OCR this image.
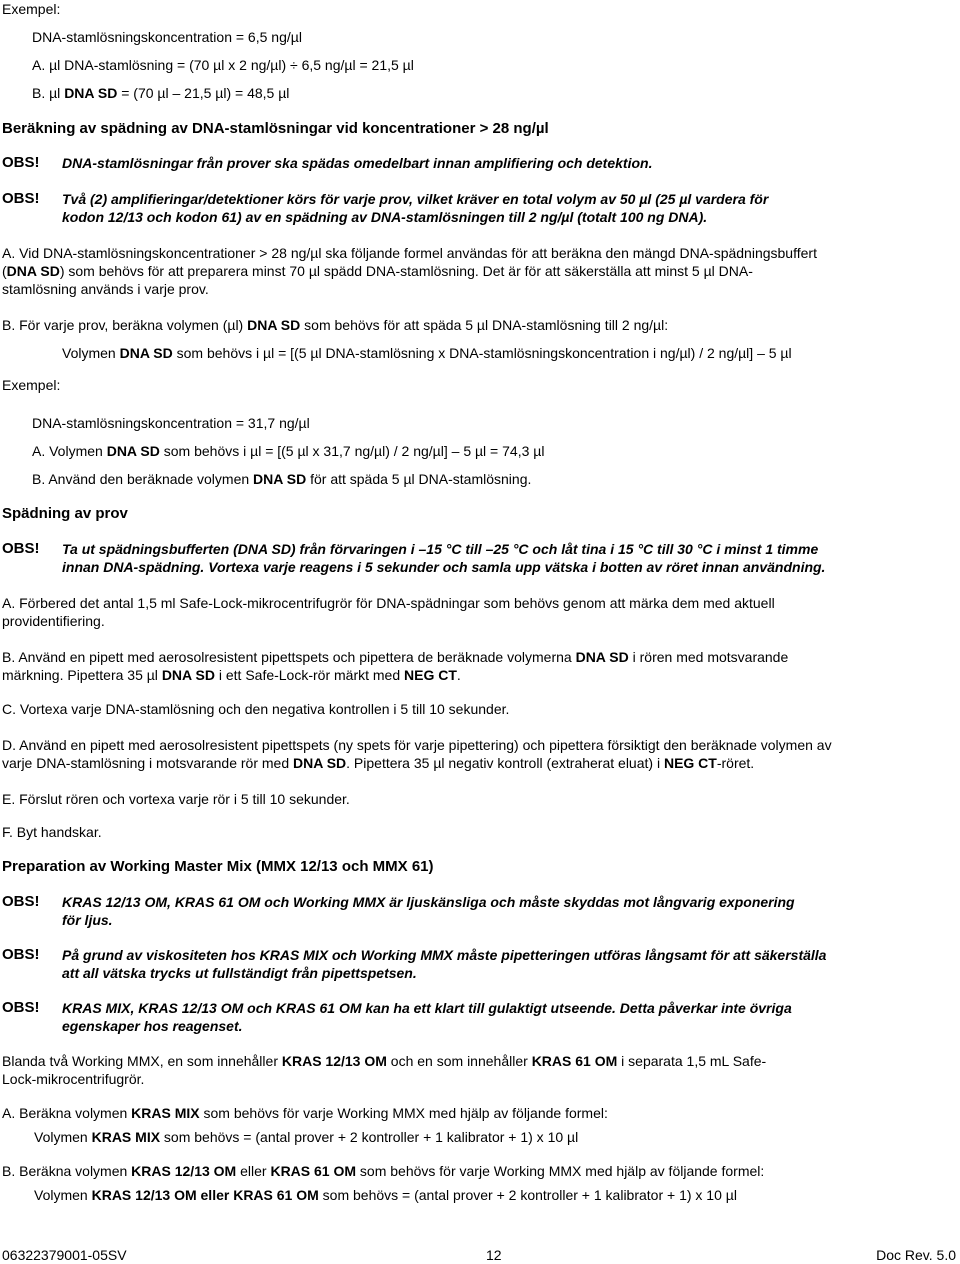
Exempel:
DNA-stamlösningskoncentration = 6,5 ng/µl
A. µl DNA-stamlösning = (70 µl x 2 ng/µl) ÷ 6,5 ng/µl = 21,5 µl
B. µl DNA SD = (70 µl – 21,5 µl) = 48,5 µl
Beräkning av spädning av DNA-stamlösningar vid koncentrationer > 28 ng/µl
OBS! DNA-stamlösningar från prover ska spädas omedelbart innan amplifiering och detektion.
OBS! Två (2) amplifieringar/detektioner körs för varje prov, vilket kräver en total volym av 50 µl (25 µl vardera för
kodon 12/13 och kodon 61) av en spädning av DNA-stamlösningen till 2 ng/µl (totalt 100 ng DNA).
A. Vid DNA-stamlösningskoncentrationer > 28 ng/µl ska följande formel användas för att beräkna den mängd DNA-spädningsbuffert
(DNA SD) som behövs för att preparera minst 70 µl spädd DNA-stamlösning. Det är för att säkerställa att minst 5 µl DNA-
stamlösning används i varje prov.
B. För varje prov, beräkna volymen (µl) DNA SD som behövs för att späda 5 µl DNA-stamlösning till 2 ng/µl:
Volymen DNA SD som behövs i µl = [(5 µl DNA-stamlösning x DNA-stamlösningskoncentration i ng/µl) / 2 ng/µl] – 5 µl
Exempel:
DNA-stamlösningskoncentration = 31,7 ng/µl
A. Volymen DNA SD som behövs i µl = [(5 µl x 31,7 ng/µl) / 2 ng/µl] – 5 µl = 74,3 µl
B. Använd den beräknade volymen DNA SD för att späda 5 µl DNA-stamlösning.
Spädning av prov
OBS! Ta ut spädningsbufferten (DNA SD) från förvaringen i –15 °C till –25 °C och låt tina i 15 °C till 30 °C i minst 1 timme
innan DNA-spädning. Vortexa varje reagens i 5 sekunder och samla upp vätska i botten av röret innan användning.
A. Förbered det antal 1,5 ml Safe-Lock-mikrocentrifugrör för DNA-spädningar som behövs genom att märka dem med aktuell
providentifiering.
B. Använd en pipett med aerosolresistent pipettspets och pipettera de beräknade volymerna DNA SD i rören med motsvarande
märkning. Pipettera 35 µl DNA SD i ett Safe-Lock-rör märkt med NEG CT.
C. Vortexa varje DNA-stamlösning och den negativa kontrollen i 5 till 10 sekunder.
D. Använd en pipett med aerosolresistent pipettspets (ny spets för varje pipettering) och pipettera försiktigt den beräknade volymen av
varje DNA-stamlösning i motsvarande rör med DNA SD. Pipettera 35 µl negativ kontroll (extraherat eluat) i NEG CT-röret.
E. Förslut rören och vortexa varje rör i 5 till 10 sekunder.
F. Byt handskar.
Preparation av Working Master Mix (MMX 12/13 och MMX 61)
OBS! KRAS 12/13 OM, KRAS 61 OM och Working MMX är ljuskänsliga och måste skyddas mot långvarig exponering
för ljus.
OBS! På grund av viskositeten hos KRAS MIX och Working MMX måste pipetteringen utföras långsamt för att säkerställa
att all vätska trycks ut fullständigt från pipettspetsen.
OBS! KRAS MIX, KRAS 12/13 OM och KRAS 61 OM kan ha ett klart till gulaktigt utseende. Detta påverkar inte övriga
egenskaper hos reagenset.
Blanda två Working MMX, en som innehåller KRAS 12/13 OM och en som innehåller KRAS 61 OM i separata 1,5 mL Safe-
Lock-mikrocentrifugrör.
A. Beräkna volymen KRAS MIX som behövs för varje Working MMX med hjälp av följande formel:
Volymen KRAS MIX som behövs = (antal prover + 2 kontroller + 1 kalibrator + 1) x 10 µl
B. Beräkna volymen KRAS 12/13 OM eller KRAS 61 OM som behövs för varje Working MMX med hjälp av följande formel:
Volymen KRAS 12/13 OM eller KRAS 61 OM som behövs = (antal prover + 2 kontroller + 1 kalibrator + 1) x 10 µl
06322379001-05SV	12	Doc Rev. 5.0
